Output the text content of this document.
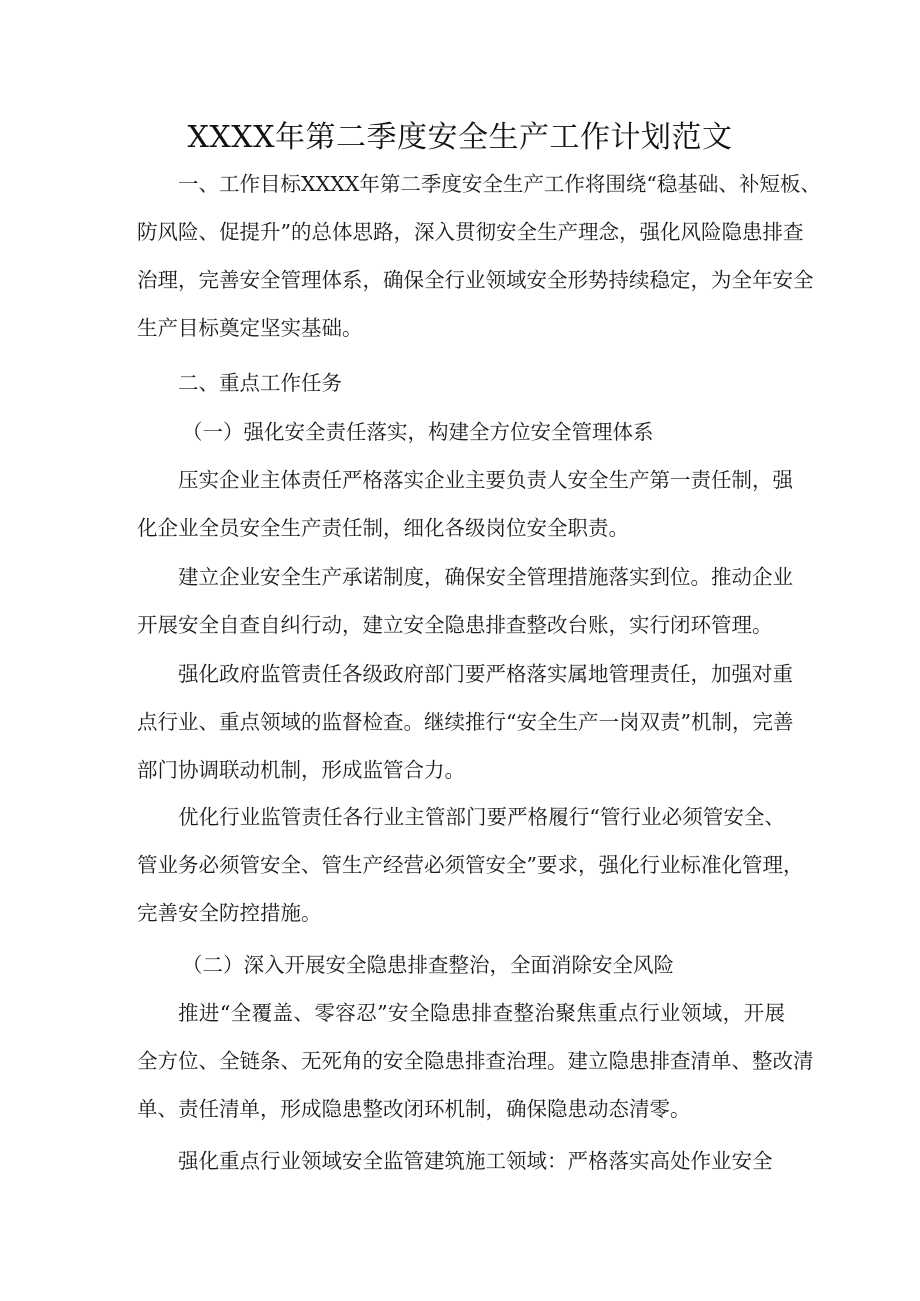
XXXX年第二季度安全生产工作计划范文
一、工作目标XXXX年第二季度安全生产工作将围绕“稳基础、补短板、
防风险、促提升”的总体思路，深入贯彻安全生产理念，强化风险隐患排查
治理，完善安全管理体系，确保全行业领域安全形势持续稳定，为全年安全
生产目标奠定坚实基础。
二、重点工作任务
（一）强化安全责任落实，构建全方位安全管理体系
压实企业主体责任严格落实企业主要负责人安全生产第一责任制，强
化企业全员安全生产责任制，细化各级岗位安全职责。
建立企业安全生产承诺制度，确保安全管理措施落实到位。推动企业
开展安全自查自纠行动，建立安全隐患排查整改台账，实行闭环管理。
强化政府监管责任各级政府部门要严格落实属地管理责任，加强对重
点行业、重点领域的监督检查。继续推行“安全生产一岗双责”机制，完善
部门协调联动机制，形成监管合力。
优化行业监管责任各行业主管部门要严格履行“管行业必须管安全、
管业务必须管安全、管生产经营必须管安全”要求，强化行业标准化管理，
完善安全防控措施。
（二）深入开展安全隐患排查整治，全面消除安全风险
推进“全覆盖、零容忍”安全隐患排查整治聚焦重点行业领域，开展
全方位、全链条、无死角的安全隐患排查治理。建立隐患排查清单、整改清
单、责任清单，形成隐患整改闭环机制，确保隐患动态清零。
强化重点行业领域安全监管建筑施工领域：严格落实高处作业安全
